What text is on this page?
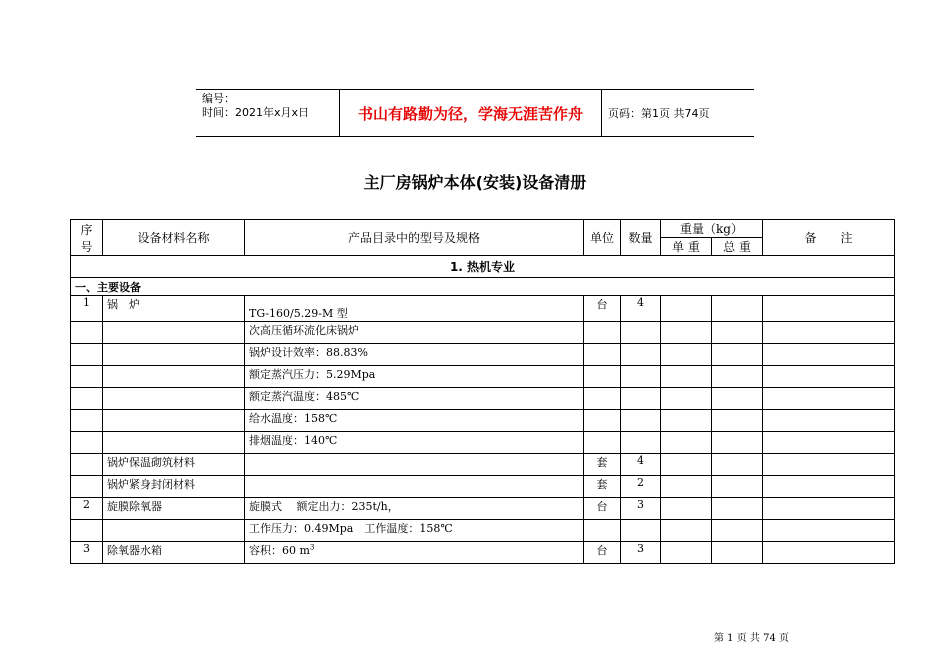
编号：
时间：2021年x月x日	书山有路勤为径，学海无涯苦作舟	页码：第1页 共74页
主厂房锅炉本体(安装)设备清册
序号	设备材料名称	产品目录中的型号及规格	单位	数量	重量（kg）		备　　注
					单 重	总 重	
1. 热机专业							
一、主要设备							
1	锅　炉	TG-160/5.29-M 型	台	4			
		次高压循环流化床锅炉					
		锅炉设计效率：88.83%					
		额定蒸汽压力：5.29Mpa					
		额定蒸汽温度：485℃					
		给水温度：158℃					
		排烟温度：140℃					
	锅炉保温砌筑材料		套	4			
	锅炉紧身封闭材料		套	2			
2	旋膜除氧器	旋膜式　 额定出力：235t/h，	台	3			
		工作压力：0.49Mpa　工作温度：158℃					
3	除氧器水箱	容积：60 $m^3$	台	3			
第 1 页 共 74 页
